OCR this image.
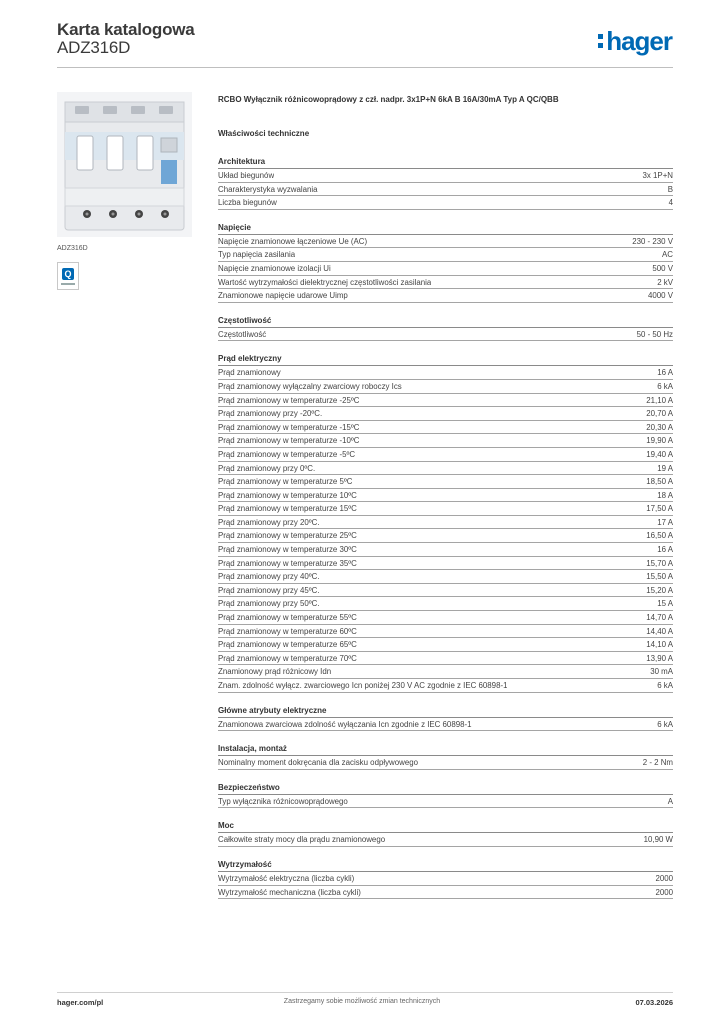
Karta katalogowa
ADZ316D	hager
ADZ316D
Q
RCBO Wyłącznik różnicowoprądowy z czł. nadpr. 3x1P+N 6kA B 16A/30mA Typ A QC/QBB
Właściwości techniczne
Architektura
Układ biegunów	3x 1P+N
Charakterystyka wyzwalania	B
Liczba biegunów	4
Napięcie
Napięcie znamionowe łączeniowe Ue (AC)	230 - 230 V
Typ napięcia zasilania	AC
Napięcie znamionowe izolacji Ui	500 V
Wartość wytrzymałości dielektrycznej częstotliwości zasilania	2 kV
Znamionowe napięcie udarowe Uimp	4000 V
Częstotliwość
Częstotliwość	50 - 50 Hz
Prąd elektryczny
Prąd znamionowy	16 A
Prąd znamionowy wyłączalny zwarciowy roboczy Ics	6 kA
Prąd znamionowy w temperaturze -25ºC	21,10 A
Prąd znamionowy przy -20ºC.	20,70 A
Prąd znamionowy w temperaturze -15ºC	20,30 A
Prąd znamionowy w temperaturze -10ºC	19,90 A
Prąd znamionowy w temperaturze -5ºC	19,40 A
Prąd znamionowy przy 0ºC.	19 A
Prąd znamionowy w temperaturze 5ºC	18,50 A
Prąd znamionowy w temperaturze 10ºC	18 A
Prąd znamionowy w temperaturze 15ºC	17,50 A
Prąd znamionowy przy 20ºC.	17 A
Prąd znamionowy w temperaturze 25ºC	16,50 A
Prąd znamionowy w temperaturze 30ºC	16 A
Prąd znamionowy w temperaturze 35ºC	15,70 A
Prąd znamionowy przy 40ºC.	15,50 A
Prąd znamionowy przy 45ºC.	15,20 A
Prąd znamionowy przy 50ºC.	15 A
Prąd znamionowy w temperaturze 55ºC	14,70 A
Prąd znamionowy w temperaturze 60ºC	14,40 A
Prąd znamionowy w temperaturze 65ºC	14,10 A
Prąd znamionowy w temperaturze 70ºC	13,90 A
Znamionowy prąd różnicowy Idn	30 mA
Znam. zdolność wyłącz. zwarciowego Icn poniżej 230 V AC zgodnie z IEC 60898-1	6 kA
Główne atrybuty elektryczne
Znamionowa zwarciowa zdolność wyłączania Icn zgodnie z IEC 60898-1	6 kA
Instalacja, montaż
Nominalny moment dokręcania dla zacisku odpływowego	2 - 2 Nm
Bezpieczeństwo
Typ wyłącznika różnicowoprądowego	A
Moc
Całkowite straty mocy dla prądu znamionowego	10,90 W
Wytrzymałość
Wytrzymałość elektryczna (liczba cykli)	2000
Wytrzymałość mechaniczna (liczba cykli)	2000
hager.com/pl	Zastrzegamy sobie możliwość zmian technicznych	07.03.2026
